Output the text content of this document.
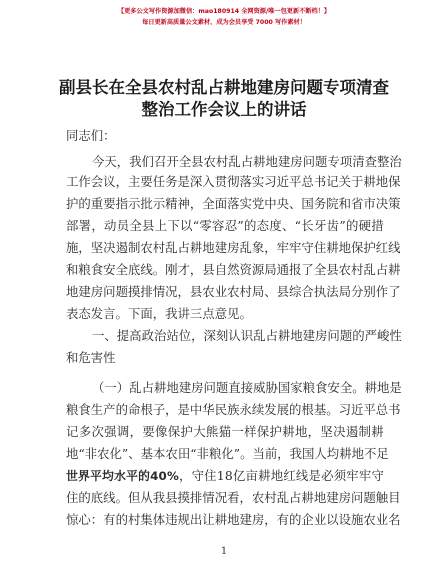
【更多公文写作资源加微信：mao180914 全网资源/唯一包更新不断档！】
每日更新高质量公文素材，成为会员享受 7000 写作素材！
副县长在全县农村乱占耕地建房问题专项清查
整治工作会议上的讲话
同志们：
今 天 ， 我 们 召 开 全 县 农 村 乱 占 耕 地 建 房 问 题 专 项 清 查 整 治
工 作 会 议 ， 主 要 任 务 是 深 入 贯 彻 落 实 习 近 平 总 书 记 关 于 耕 地 保
护 的 重 要 指 示 批 示 精 神 ， 全 面 落 实 党 中 央 、 国 务 院 和 省 市 决 策
部 署 ， 动 员 全 县 上 下 以 “ 零 容 忍 ” 的 态 度 、 “ 长 牙 齿 ” 的 硬 措
施 ， 坚 决 遏 制 农 村 乱 占 耕 地 建 房 乱 象 ， 牢 牢 守 住 耕 地 保 护 红 线
和 粮 食 安 全 底 线 。 刚 才 ， 县 自 然 资 源 局 通 报 了 全 县 农 村 乱 占 耕
地 建 房 问 题 摸 排 情 况 ， 县 农 业 农 村 局 、 县 综 合 执 法 局 分 别 作 了
表态发言。下面，我讲三点意见。
一 、 提 高 政 治 站 位 ， 深 刻 认 识 乱 占 耕 地 建 房 问 题 的 严 峻 性
和危害性
（ 一 ） 乱 占 耕 地 建 房 问 题 直 接 威 胁 国 家 粮 食 安 全 。 耕 地 是
粮 食 生 产 的 命 根 子 ， 是 中 华 民 族 永 续 发 展 的 根 基 。 习 近 平 总 书
记 多 次 强 调 ， 要 像 保 护 大 熊 猫 一 样 保 护 耕 地 ， 坚 决 遏 制 耕
地 “ 非 农 化 ” 、 基 本 农 田 “ 非 粮 化 ” 。 当 前 ， 我 国 人 均 耕 地 不 足
世 界 平 均 水 平 的 4 0 % ， 守 住 1 8 亿 亩 耕 地 红 线 是 必 须 牢 牢 守
住 的 底 线 。 但 从 我 县 摸 排 情 况 看 ， 农 村 乱 占 耕 地 建 房 问 题 触 目
惊 心 ： 有 的 村 集 体 违 规 出 让 耕 地 建 房 ， 有 的 企 业 以 设 施 农 业 名
1
